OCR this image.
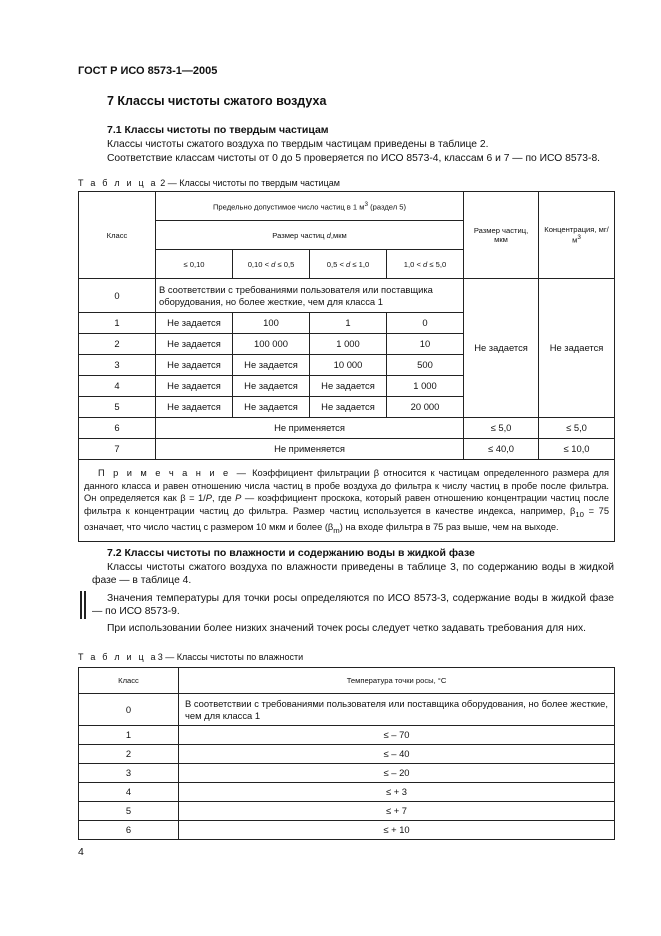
ГОСТ Р ИСО 8573-1—2005
7 Классы чистоты сжатого воздуха
7.1 Классы чистоты по твердым частицам
Классы чистоты сжатого воздуха по твердым частицам приведены в таблице 2.
Соответствие классам чистоты от 0 до 5 проверяется по ИСО 8573-4, классам 6 и 7 — по ИСО 8573-8.
Т а б л и ц а 2 — Классы чистоты по твердым частицам
Класс	Предельно допустимое число частиц в 1 $м^3$ (раздел 5)				Размер частиц, мкм	Концентрация, $мг/м^3$
	Размер частиц d,мкм					
	≤ 0,10	0,10 < d ≤ 0,5	0,5 < d ≤ 1,0	1,0 < d ≤ 5,0		
0	В соответствии с требованиями пользователя или поставщика оборудования, но более жесткие, чем для класса 1				Не задается	Не задается
1	Не задается	100	1	0		
2	Не задается	100 000	1 000	10		
3	Не задается	Не задается	10 000	500		
4	Не задается	Не задается	Не задается	1 000		
5	Не задается	Не задается	Не задается	20 000		
6	Не применяется				≤ 5,0	≤ 5,0
7	Не применяется				≤ 40,0	≤ 10,0
П р и м е ч а н и е — Коэффициент фильтрации β относится к частицам определенного размера для данного класса и равен отношению числа частиц в пробе воздуха до фильтра к числу частиц в пробе после фильтра. Он определяется как β = 1/P, где P — коэффициент проскока, который равен отношению концентрации частиц после фильтра к концентрации частиц до фильтра. Размер частиц используется в качестве индекса, например, $\beta_{10} = 75$ означает, что число частиц с размером 10 мкм и более $(\beta_m)$ на входе фильтра в 75 раз выше, чем на выходе.						
7.2 Классы чистоты по влажности и содержанию воды в жидкой фазе
Классы чистоты сжатого воздуха по влажности приведены в таблице 3, по содержанию воды в жидкой фазе — в таблице 4.
Значения температуры для точки росы определяются по ИСО 8573-3, содержание воды в жидкой фазе — по ИСО 8573-9.
При использовании более низких значений точек росы следует четко задавать требования для них.
Т а б л и ц а3 — Классы чистоты по влажности
Класс	Температура точки росы, °C
0	В соответствии с требованиями пользователя или поставщика оборудования, но более жесткие, чем для класса 1
1	≤ – 70
2	≤ – 40
3	≤ – 20
4	≤ + 3
5	≤ + 7
6	≤ + 10
4
